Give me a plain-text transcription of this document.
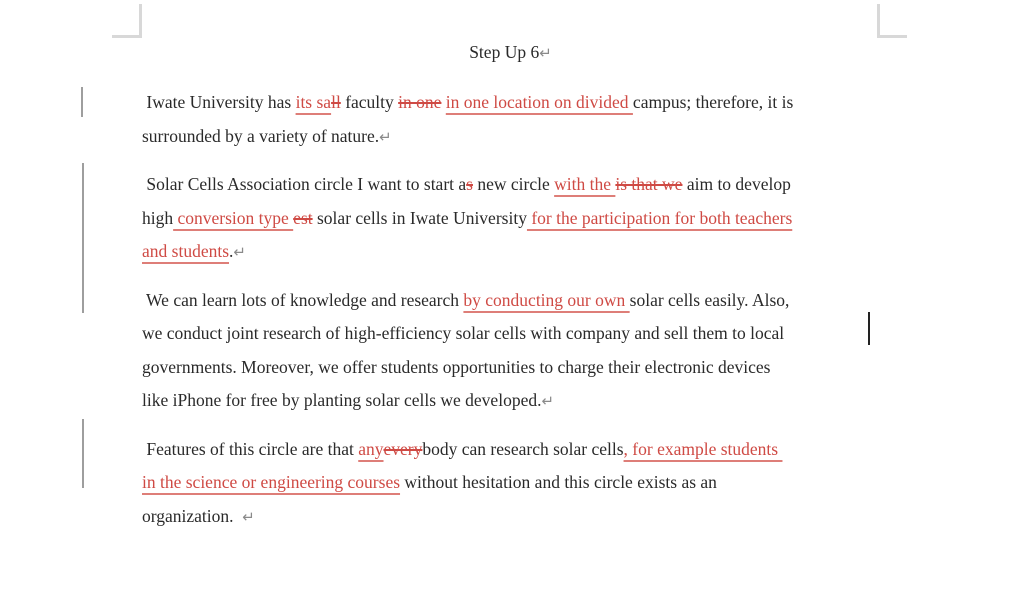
Step Up 6↵
Iwate University has its sall faculty in one in one location on divided campus; therefore, it is
surrounded by a variety of nature.↵
Solar Cells Association circle I want to start as new circle with the is that we aim to develop
high conversion type est solar cells in Iwate University for the participation for both teachers
and students.↵
We can learn lots of knowledge and research by conducting our own solar cells easily. Also,
we conduct joint research of high-efficiency solar cells with company and sell them to local
governments. Moreover, we offer students opportunities to charge their electronic devices
like iPhone for free by planting solar cells we developed.↵
Features of this circle are that anyeverybody can research solar cells, for example students
in the science or engineering courses without hesitation and this circle exists as an
organization.  ↵
